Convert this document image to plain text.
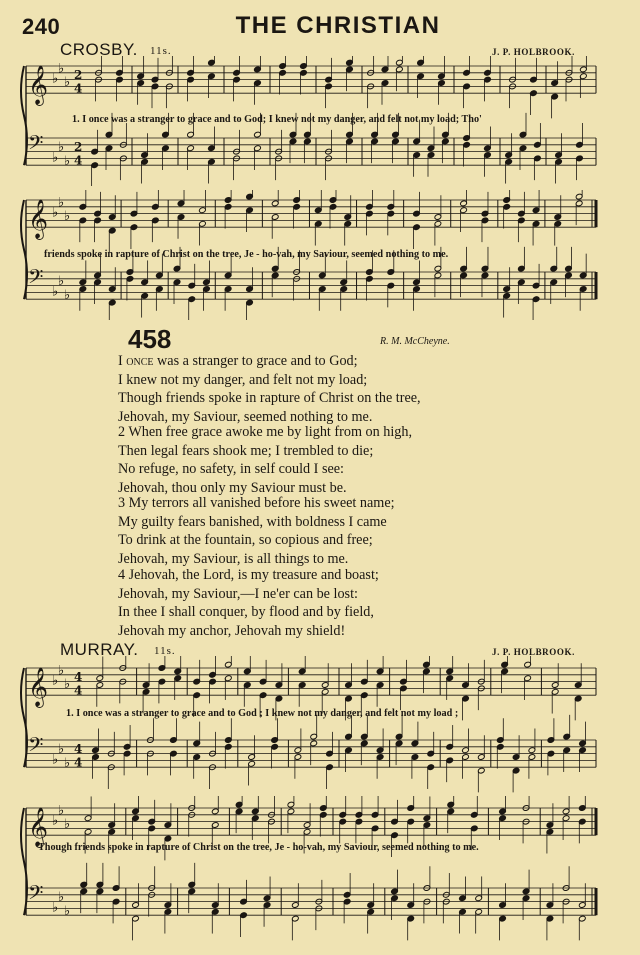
240	THE CHRISTIAN
CROSBY. 11s.	J. P. HOLBROOK.
𝄞 ♭
♭
♭
𝄢 ♭
♭
♭
2
4
2
4
1. I once was a stranger to grace and to God; I knew not my danger, and felt not my load; Tho'
𝄞 ♭
♭
♭
𝄢 ♭
♭
♭
friends spoke in rapture of Christ on the tree, Je - ho-vah, my Saviour, seemed nothing to me.
458	R. M. McCheyne.
I once was a stranger to grace and to God;
I knew not my danger, and felt not my load;
Though friends spoke in rapture of Christ on the tree,
Jehovah, my Saviour, seemed nothing to me.
2 When free grace awoke me by light from on high,
Then legal fears shook me; I trembled to die;
No refuge, no safety, in self could I see:
Jehovah, thou only my Saviour must be.
3 My terrors all vanished before his sweet name;
My guilty fears banished, with boldness I came
To drink at the fountain, so copious and free;
Jehovah, my Saviour, is all things to me.
4 Jehovah, the Lord, is my treasure and boast;
Jehovah, my Saviour,—I ne'er can be lost:
In thee I shall conquer, by flood and by field,
Jehovah my anchor, Jehovah my shield!
MURRAY. 11s.	J. P. HOLBROOK.
𝄞 ♭
♭
♭
𝄢 ♭
♭
♭
4
4
4
4
1. I once was a stranger to grace and to God ; I knew not my danger, and felt not my load ;
𝄞 ♭
♭
♭
𝄢 ♭
♭
♭
Though friends spoke in rapture of Christ on the tree, Je - ho-vah, my Saviour, seemed nothing to me.
